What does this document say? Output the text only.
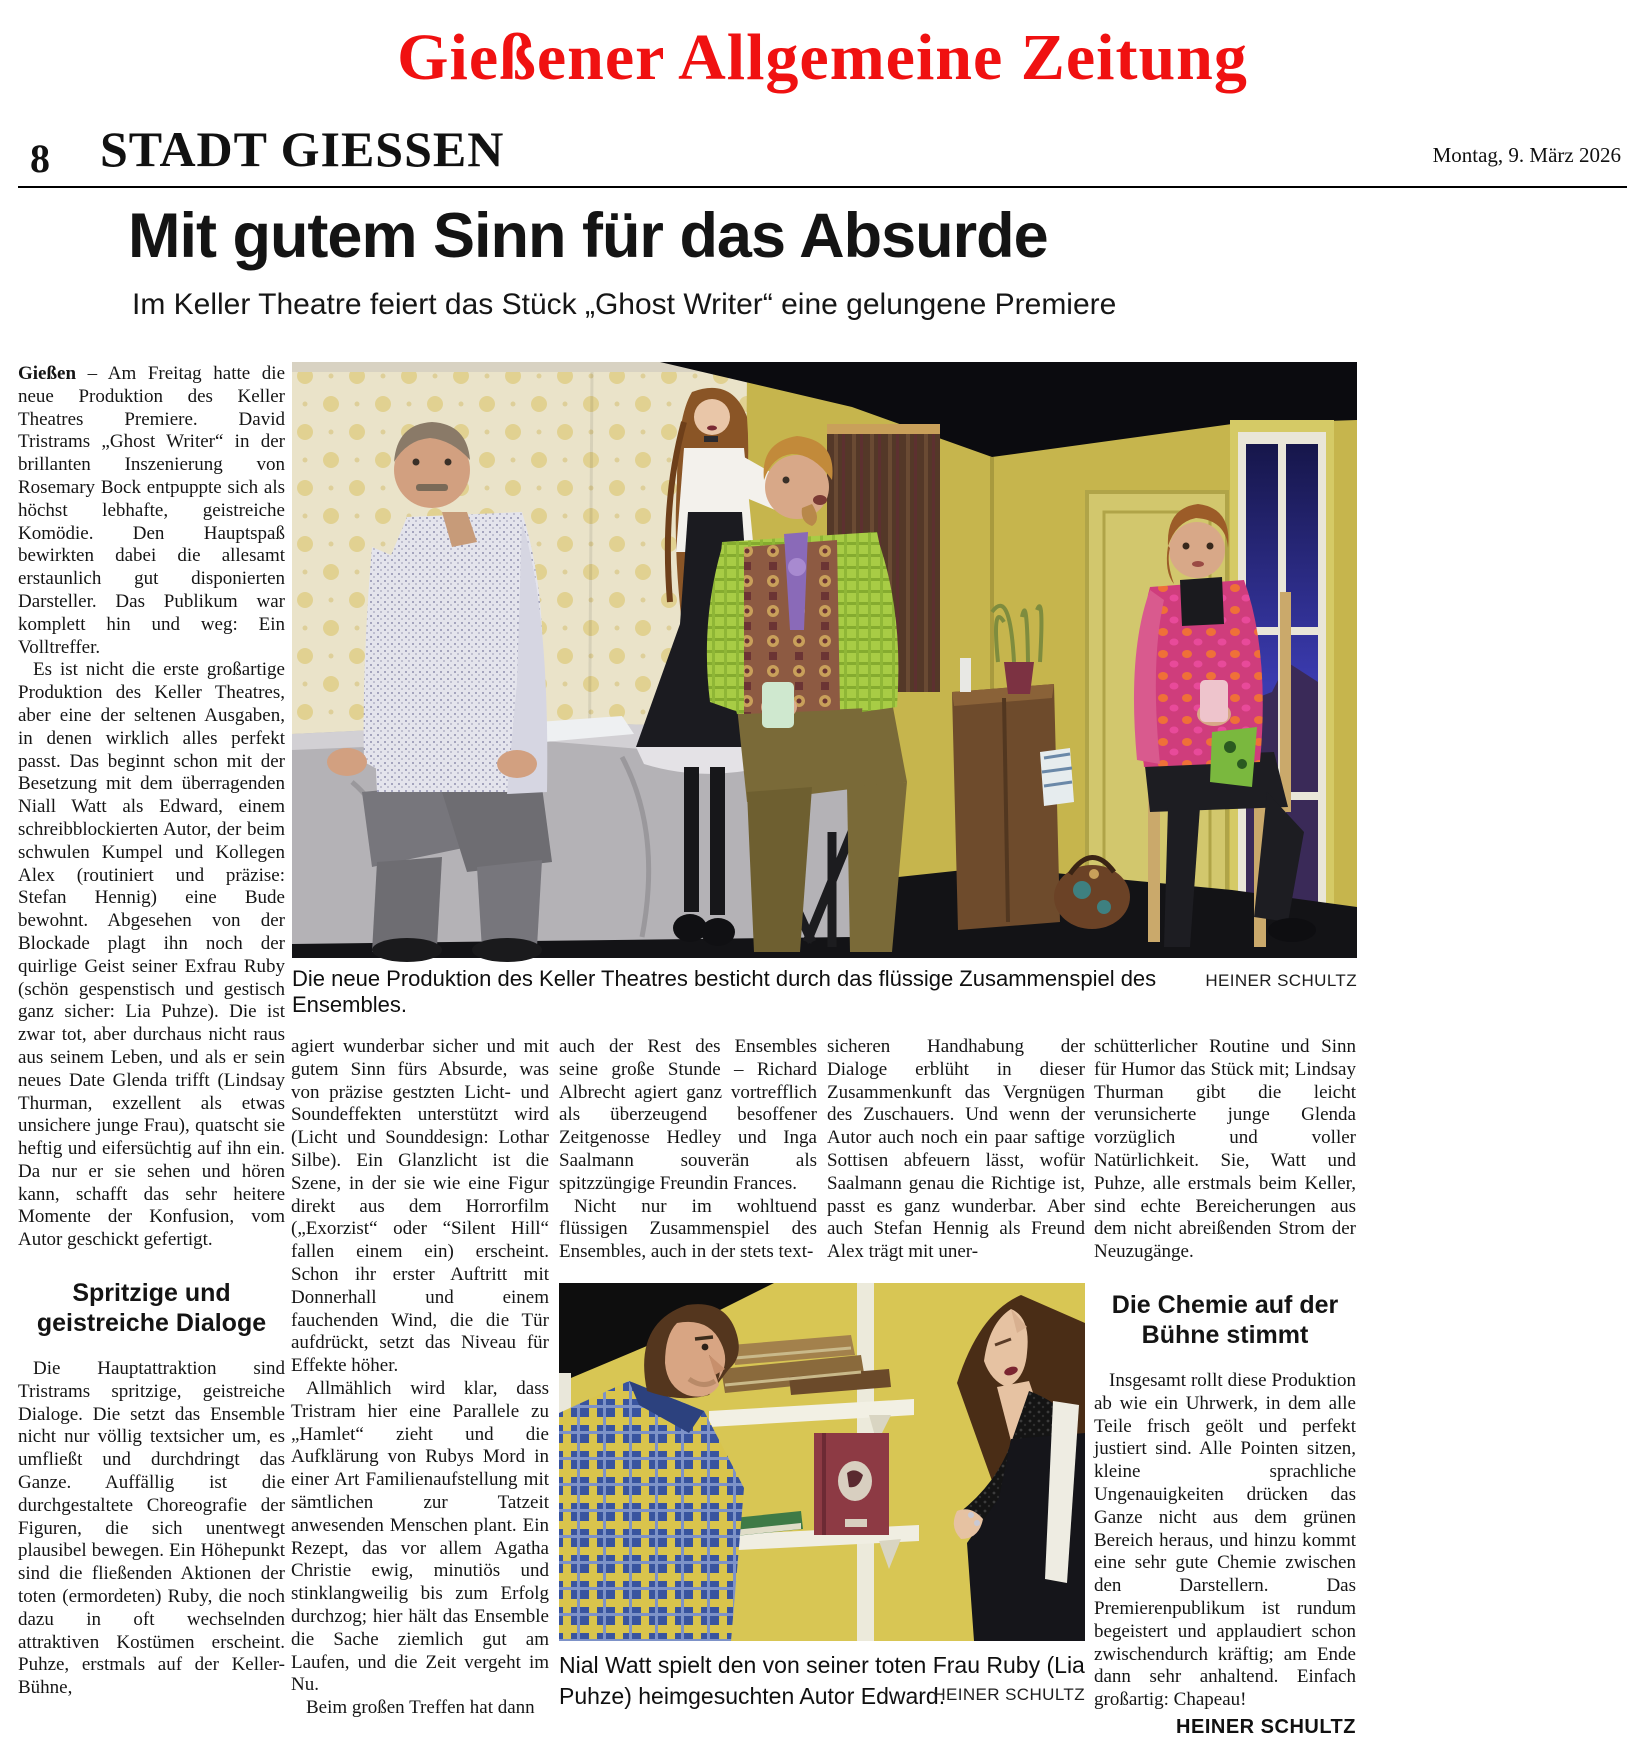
Gießener Allgemeine Zeitung
8 STADT GIESSEN	Montag, 9. März 2026
Mit gutem Sinn für das Absurde
Im Keller Theatre feiert das Stück „Ghost Writer“ eine gelungene Premiere

Gießen – Am Freitag hatte die neue Produktion des Keller Theatres Premiere. David Tristrams „Ghost Writer“ in der brillanten Inszenierung von Rosemary Bock entpuppte sich als höchst lebhafte, geistreiche Komödie. Den Hauptspaß bewirkten dabei die allesamt erstaunlich gut disponierten Darsteller. Das Publikum war komplett hin und weg: Ein Volltreffer.

Es ist nicht die erste großartige Produktion des Keller Theatres, aber eine der seltenen Ausgaben, in denen wirklich alles perfekt passt. Das beginnt schon mit der Besetzung mit dem überragenden Niall Watt als Edward, einem schreibblockierten Autor, der beim schwulen Kumpel und Kollegen Alex (routiniert und präzise: Stefan Hennig) eine Bude bewohnt. Abgesehen von der Blockade plagt ihn noch der quirlige Geist seiner Exfrau Ruby (schön gespenstisch und gestisch ganz sicher: Lia Puhze). Die ist zwar tot, aber durchaus nicht raus aus seinem Leben, und als er sein neues Date Glenda trifft (Lindsay Thurman, exzellent als etwas unsichere junge Frau), quatscht sie heftig und eifersüchtig auf ihn ein. Da nur er sie sehen und hören kann, schafft das sehr heitere Momente der Konfusion, vom Autor geschickt gefertigt.

Spritzige und geistreiche Dialoge

Die Hauptattraktion sind Tristrams spritzige, geistreiche Dialoge. Die setzt das Ensemble nicht nur völlig textsicher um, es umfließt und durchdringt das Ganze. Auffällig ist die durchgestaltete Choreografie der Figuren, die sich unentwegt plausibel bewegen. Ein Höhepunkt sind die fließenden Aktionen der toten (ermordeten) Ruby, die noch dazu in oft wechselnden attraktiven Kostümen erscheint. Puhze, erstmals auf der Keller-Bühne,

Die neue Produktion des Keller Theatres besticht durch das flüssige Zusammenspiel des Ensembles.
HEINER SCHULTZ

agiert wunderbar sicher und mit gutem Sinn fürs Absurde, was von präzise gestzten Licht- und Soundeffekten unterstützt wird (Licht und Sounddesign: Lothar Silbe). Ein Glanzlicht ist die Szene, in der sie wie eine Figur direkt aus dem Horrorfilm („Exorzist“ oder “Silent Hill“ fallen einem ein) erscheint. Schon ihr erster Auftritt mit Donnerhall und einem fauchenden Wind, die die Tür aufdrückt, setzt das Niveau für Effekte höher.

Allmählich wird klar, dass Tristram hier eine Parallele zu „Hamlet“ zieht und die Aufklärung von Rubys Mord in einer Art Familienaufstellung mit sämtlichen zur Tatzeit anwesenden Menschen plant. Ein Rezept, das vor allem Agatha Christie ewig, minutiös und stinklangweilig bis zum Erfolg durchzog; hier hält das Ensemble die Sache ziemlich gut am Laufen, und die Zeit vergeht im Nu.

Beim großen Treffen hat dann

auch der Rest des Ensembles seine große Stunde – Richard Albrecht agiert ganz vortrefflich als überzeugend besoffener Zeitgenosse Hedley und Inga Saalmann souverän als spitzzüngige Freundin Frances.

Nicht nur im wohltuend flüssigen Zusammenspiel des Ensembles, auch in der stets text-

sicheren Handhabung der Dialoge erblüht in dieser Zusammenkunft das Vergnügen des Zuschauers. Und wenn der Autor auch noch ein paar saftige Sottisen abfeuern lässt, wofür Saalmann genau die Richtige ist, passt es ganz wunderbar. Aber auch Stefan Hennig als Freund Alex trägt mit uner-

schütterlicher Routine und Sinn für Humor das Stück mit; Lindsay Thurman gibt die leicht verunsicherte junge Glenda vorzüglich und voller Natürlichkeit. Sie, Watt und Puhze, alle erstmals beim Keller, sind echte Bereicherungen aus dem nicht abreißenden Strom der Neuzugänge.

Die Chemie auf der Bühne stimmt

Insgesamt rollt diese Produktion ab wie ein Uhrwerk, in dem alle Teile frisch geölt und perfekt justiert sind. Alle Pointen sitzen, kleine sprachliche Ungenauigkeiten drücken das Ganze nicht aus dem grünen Bereich heraus, und hinzu kommt eine sehr gute Chemie zwischen den Darstellern. Das Premierenpublikum ist rundum begeistert und applaudiert schon zwischendurch kräftig; am Ende dann sehr anhaltend. Einfach großartig: Chapeau!

HEINER SCHULTZ
Nial Watt spielt den von seiner toten Frau Ruby (Lia Puhze) heimgesuchten Autor Edward.
HEINER SCHULTZ
